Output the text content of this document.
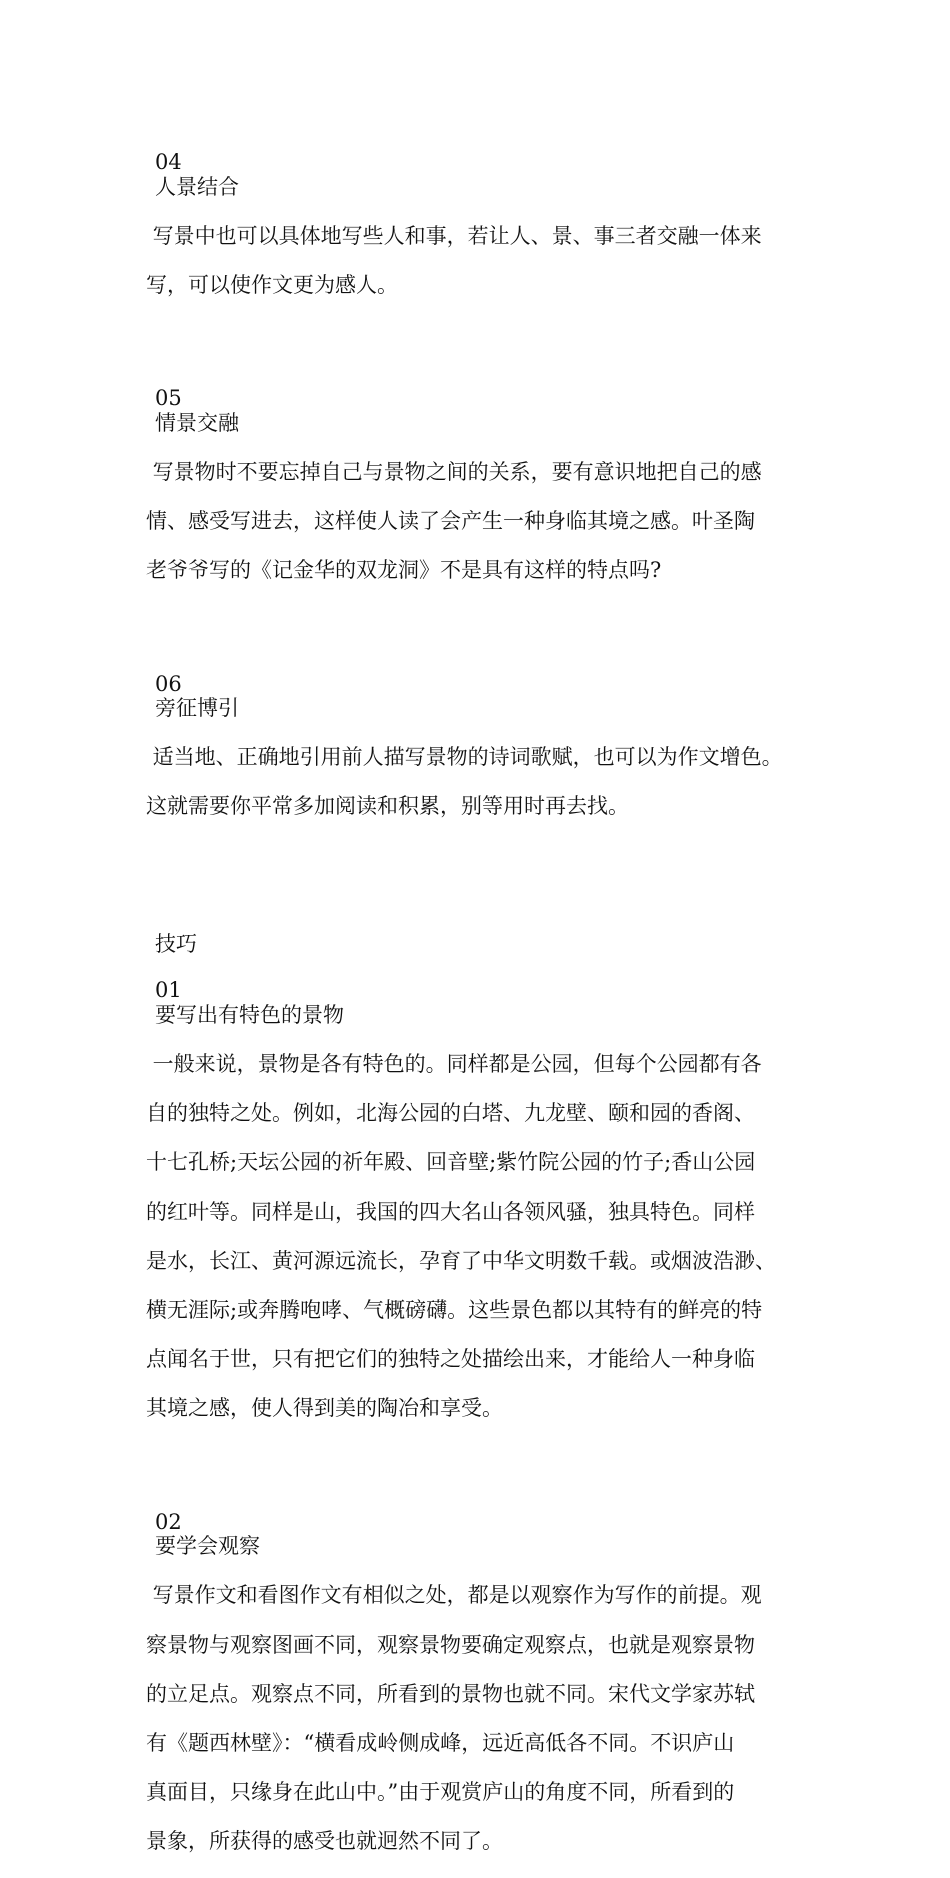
04
人景结合

写景中也可以具体地写些人和事，若让人、景、事三者交融一体来

写，可以使作文更为感人。

05
情景交融

写景物时不要忘掉自己与景物之间的关系，要有意识地把自己的感

情、感受写进去，这样使人读了会产生一种身临其境之感。叶圣陶

老爷爷写的《记金华的双龙洞》不是具有这样的特点吗?

06
旁征博引

适当地、正确地引用前人描写景物的诗词歌赋，也可以为作文增色。

这就需要你平常多加阅读和积累，别等用时再去找。

技巧
01
要写出有特色的景物

一般来说，景物是各有特色的。同样都是公园，但每个公园都有各

自的独特之处。例如，北海公园的白塔、九龙壁、颐和园的香阁、

十七孔桥;天坛公园的祈年殿、回音壁;紫竹院公园的竹子;香山公园

的红叶等。同样是山，我国的四大名山各领风骚，独具特色。同样

是水，长江、黄河源远流长，孕育了中华文明数千载。或烟波浩渺、

横无涯际;或奔腾咆哮、气概磅礴。这些景色都以其特有的鲜亮的特

点闻名于世，只有把它们的独特之处描绘出来，才能给人一种身临

其境之感，使人得到美的陶冶和享受。

02
要学会观察

写景作文和看图作文有相似之处，都是以观察作为写作的前提。观

察景物与观察图画不同，观察景物要确定观察点，也就是观察景物

的立足点。观察点不同，所看到的景物也就不同。宋代文学家苏轼

有《题西林壁》：“横看成岭侧成峰，远近高低各不同。不识庐山

真面目，只缘身在此山中。”由于观赏庐山的角度不同，所看到的

景象，所获得的感受也就迥然不同了。
